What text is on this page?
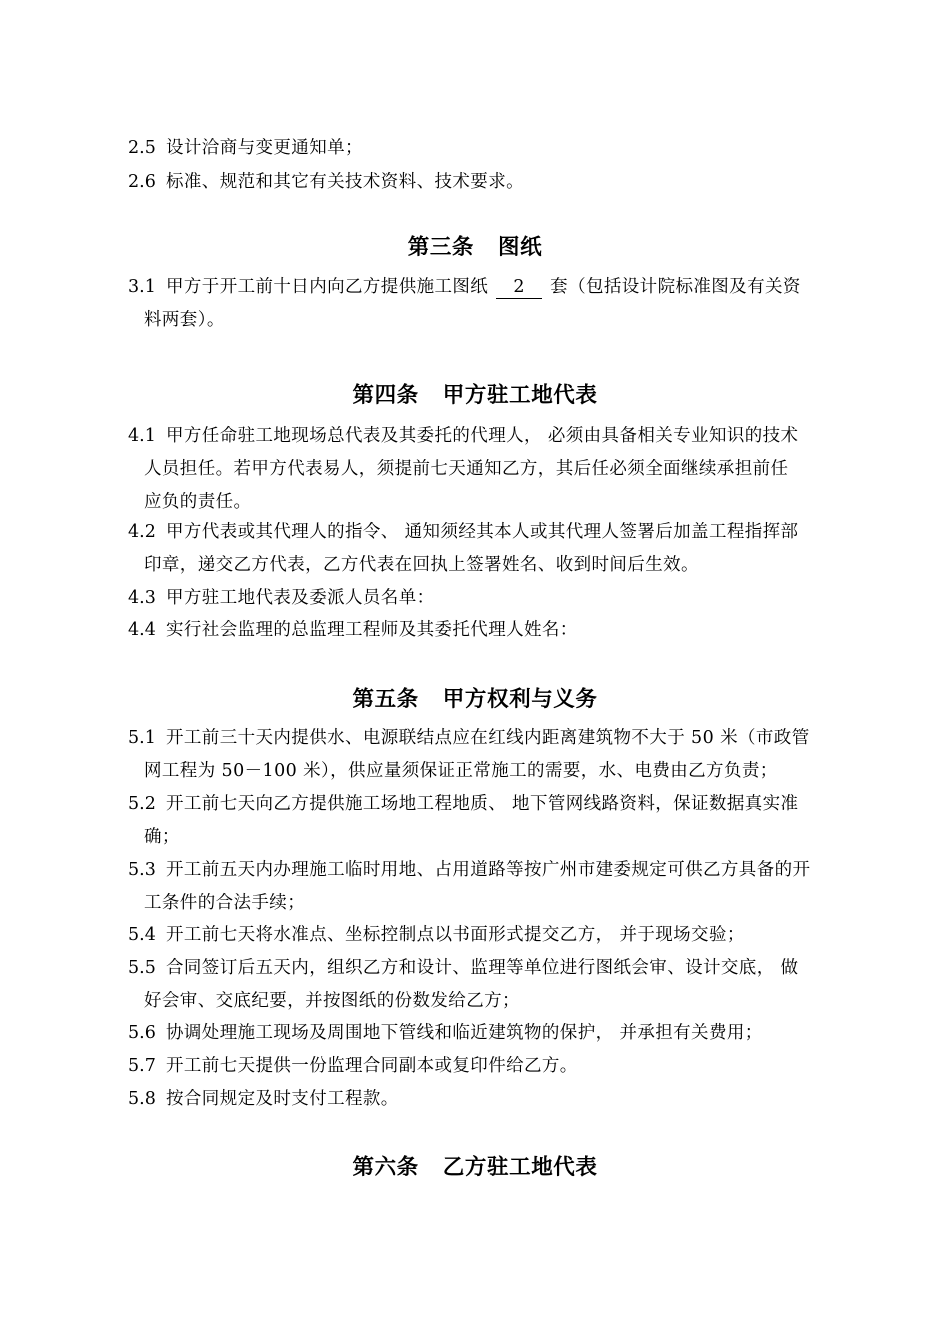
2.5 设计洽商与变更通知单；
2.6 标准、规范和其它有关技术资料、技术要求。
第三条 图纸
3.1 甲方于开工前十日内向乙方提供施工图纸 2 套（包括设计院标准图及有关资
料两套）。
第四条 甲方驻工地代表
4.1 甲方任命驻工地现场总代表及其委托的代理人， 必须由具备相关专业知识的技术
人员担任。若甲方代表易人，须提前七天通知乙方，其后任必须全面继续承担前任
应负的责任。
4.2 甲方代表或其代理人的指令、 通知须经其本人或其代理人签署后加盖工程指挥部
印章，递交乙方代表，乙方代表在回执上签署姓名、收到时间后生效。
4.3 甲方驻工地代表及委派人员名单：
4.4 实行社会监理的总监理工程师及其委托代理人姓名：
第五条 甲方权利与义务
5.1 开工前三十天内提供水、电源联结点应在红线内距离建筑物不大于 50 米（市政管
网工程为 50－100 米），供应量须保证正常施工的需要，水、电费由乙方负责；
5.2 开工前七天向乙方提供施工场地工程地质、 地下管网线路资料，保证数据真实准
确；
5.3 开工前五天内办理施工临时用地、占用道路等按广州市建委规定可供乙方具备的开
工条件的合法手续；
5.4 开工前七天将水准点、坐标控制点以书面形式提交乙方， 并于现场交验；
5.5 合同签订后五天内，组织乙方和设计、监理等单位进行图纸会审、设计交底， 做
好会审、交底纪要，并按图纸的份数发给乙方；
5.6 协调处理施工现场及周围地下管线和临近建筑物的保护， 并承担有关费用；
5.7 开工前七天提供一份监理合同副本或复印件给乙方。
5.8 按合同规定及时支付工程款。
第六条 乙方驻工地代表
